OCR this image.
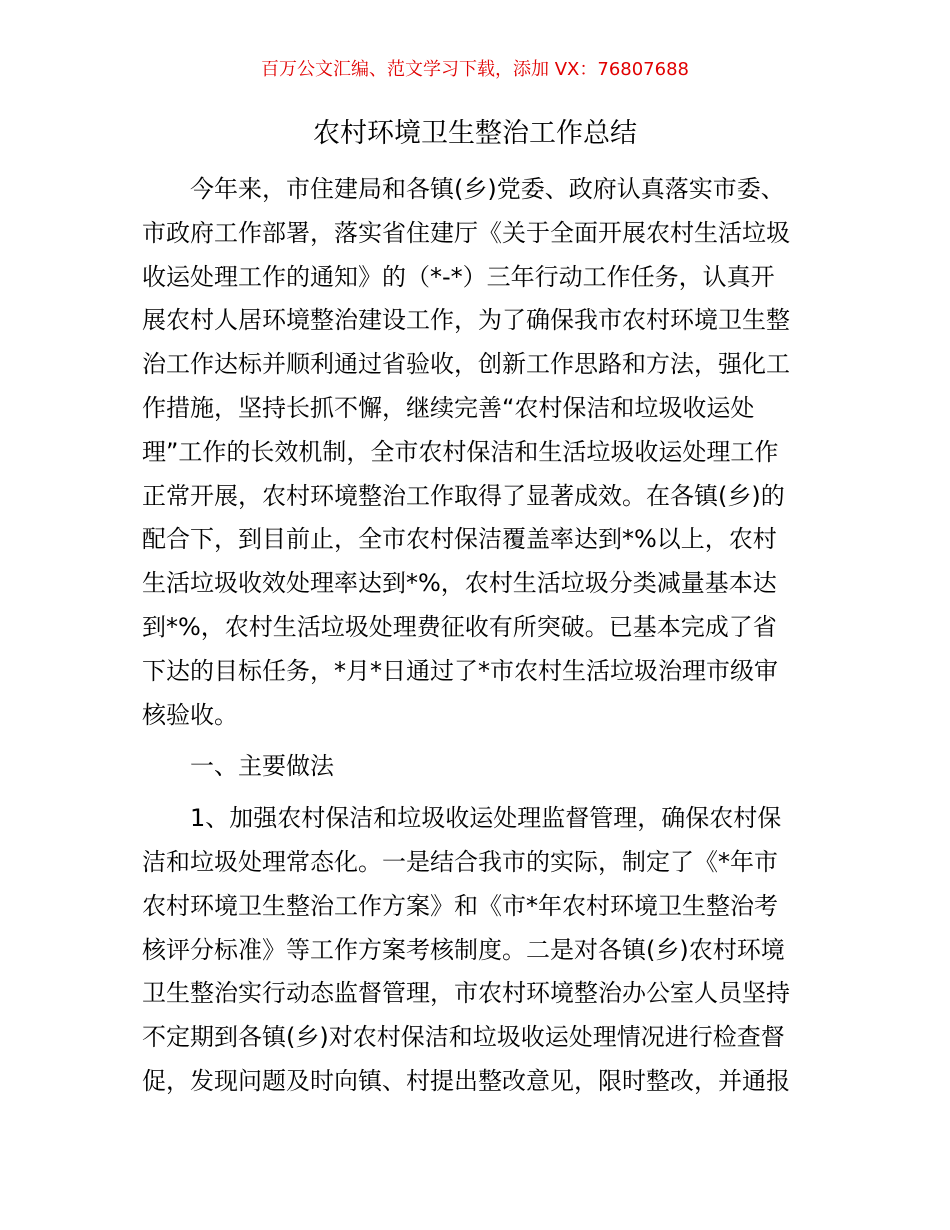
百万公文汇编、范文学习下载，添加 VX：76807688
农村环境卫生整治工作总结
今年来，市住建局和各镇(乡)党委、政府认真落实市委、
市政府工作部署，落实省住建厅《关于全面开展农村生活垃圾
收运处理工作的通知》的（*-*）三年行动工作任务，认真开
展农村人居环境整治建设工作，为了确保我市农村环境卫生整
治工作达标并顺利通过省验收，创新工作思路和方法，强化工
作措施，坚持长抓不懈，继续完善“农村保洁和垃圾收运处
理”工作的长效机制，全市农村保洁和生活垃圾收运处理工作
正常开展，农村环境整治工作取得了显著成效。在各镇(乡)的
配合下，到目前止，全市农村保洁覆盖率达到*%以上，农村
生活垃圾收效处理率达到*%，农村生活垃圾分类减量基本达
到*%，农村生活垃圾处理费征收有所突破。已基本完成了省
下达的目标任务，*月*日通过了*市农村生活垃圾治理市级审
核验收。
一、主要做法
1、加强农村保洁和垃圾收运处理监督管理，确保农村保
洁和垃圾处理常态化。一是结合我市的实际，制定了《*年市
农村环境卫生整治工作方案》和《市*年农村环境卫生整治考
核评分标准》等工作方案考核制度。二是对各镇(乡)农村环境
卫生整治实行动态监督管理，市农村环境整治办公室人员坚持
不定期到各镇(乡)对农村保洁和垃圾收运处理情况进行检查督
促，发现问题及时向镇、村提出整改意见，限时整改，并通报
